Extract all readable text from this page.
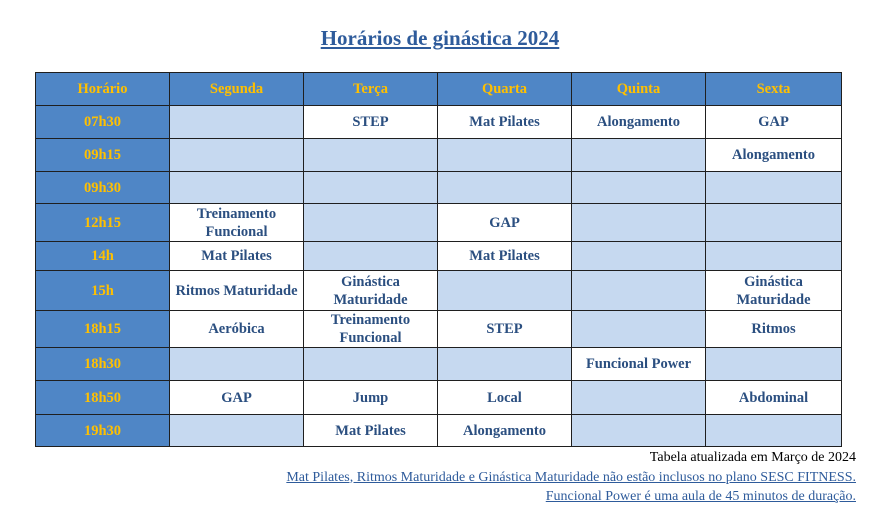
Horários de ginástica 2024
Horário	Segunda	Terça	Quarta	Quinta	Sexta
07h30		STEP	Mat Pilates	Alongamento	GAP
09h15					Alongamento
09h30					
12h15	Treinamento Funcional		GAP		
14h	Mat Pilates		Mat Pilates		
15h	Ritmos Maturidade	Ginástica Maturidade			Ginástica Maturidade
18h15	Aeróbica	Treinamento Funcional	STEP		Ritmos
18h30				Funcional Power	
18h50	GAP	Jump	Local		Abdominal
19h30		Mat Pilates	Alongamento		
Tabela atualizada em Março de 2024
Mat Pilates, Ritmos Maturidade e Ginástica Maturidade não estão inclusos no plano SESC FITNESS.
Funcional Power é uma aula de 45 minutos de duração.
